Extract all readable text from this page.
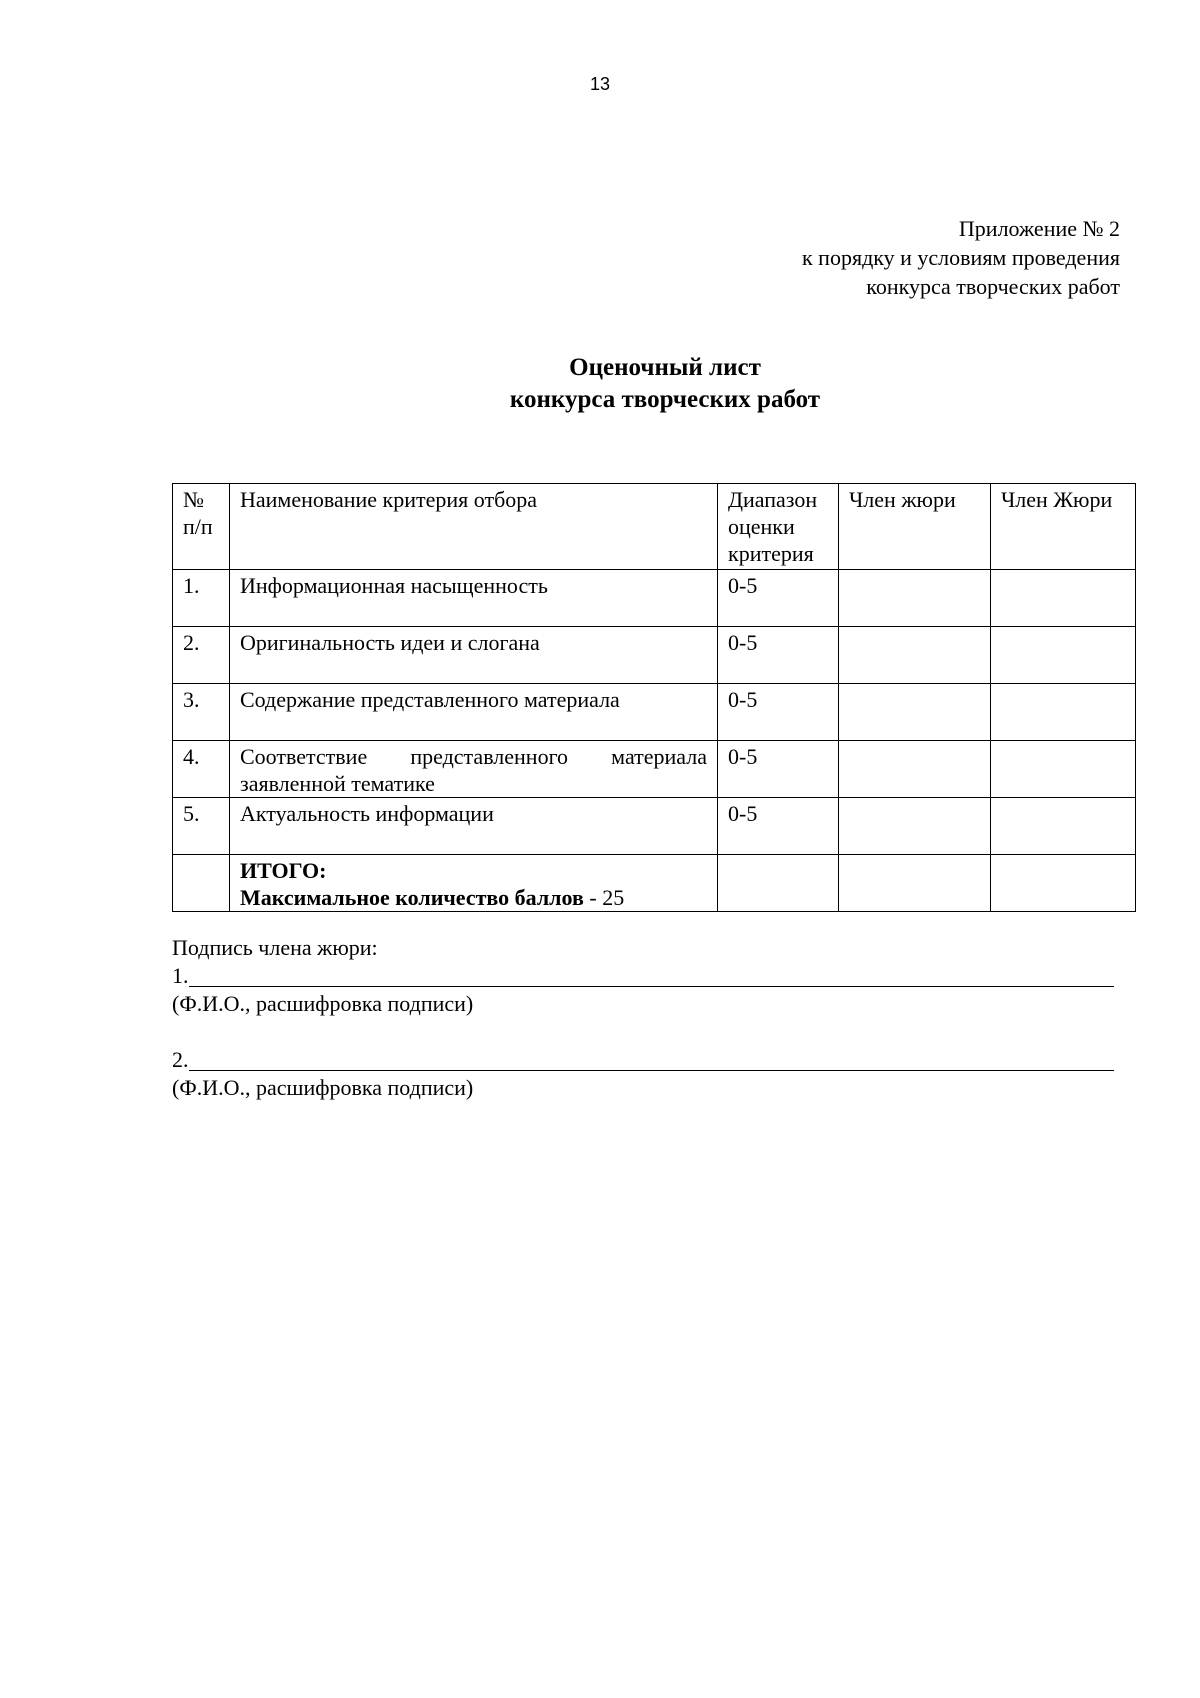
13
Приложение № 2
к порядку и условиям проведения
конкурса творческих работ
Оценочный лист
конкурса творческих работ
№ п/п	Наименование критерия отбора	Диапазон оценки критерия	Член жюри	Член Жюри
1.	Информационная насыщенность	0-5		
2.	Оригинальность идеи и слогана	0-5		
3.	Содержание представленного материала	0-5		
4.	Соответствие представленного материала заявленной тематике	0-5		
5.	Актуальность информации	0-5		

	ИТОГО:
Максимальное количество баллов - 25			

Подпись члена жюри:
1.
(Ф.И.О., расшифровка подписи)
2.
(Ф.И.О., расшифровка подписи)
